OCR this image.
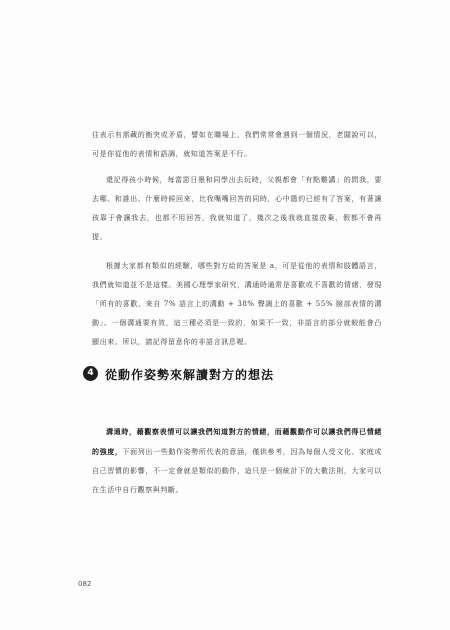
往表示有需藏的衡突或矛盾，譬如在職場上，我們常常會遇到一個情況，老闆說可以，可是你從他的表情和語調，就知道答案是不行。

還記得孩小時候，每當惡日墨和同學出去玩時，父親都會「有點難講」的問我，要去哪、和誰出、什麼時候回來，比我嘴嘴回答的同時，心中隱約已經有了答案，有著讓孩靠于會讓我去，也都不用回答，我就知道了，幾次之後我就直接放棄，假都不會再提。

根據大家都有類似的經驗，哪些對方給的答案是 a，可是從他的表情和肢體語言，我們就知道並不是這樣。美國心理學家研究，溝通時通常是喜歡或不喜歡的情緒，發現「所有的喜歡，來自 7% 語言上的溝動 + 38% 聲調上的喜歡 + 55% 臉部表情的溝動」。一個溝通要有效，這三種必須是一致的，如果不一致，非語言的部分就較能會凸顯出來。所以，請記得留意你的非語言訊息喔。

4 從動作姿勢來解讀對方的想法

溝通時，藉觀察表情可以讓我們知道對方的情緒，而藉觀動作可以讓我們得已情緒的強度，下面列出一些動作姿勢所代表的意涵，僅供參考，因為每個人受文化、家庭或自己習慣的影響，不一定會就是類似的動作，這只是一個統計下的大數法則，大家可以在生活中自行觀察與判斷。

082
